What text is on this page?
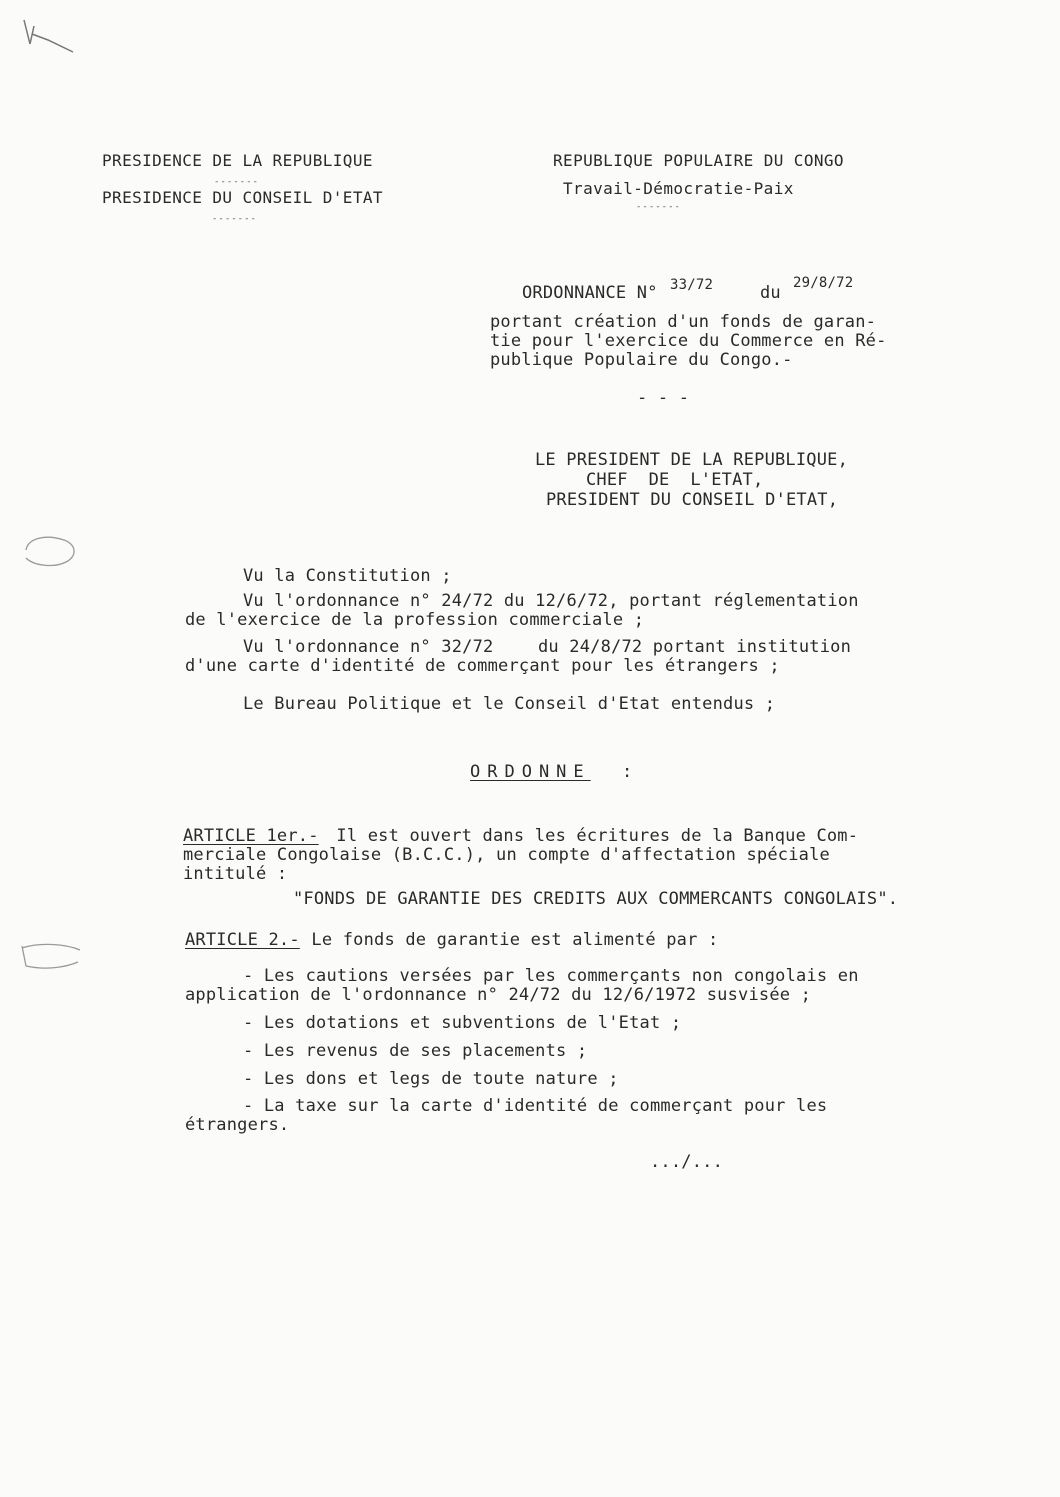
PRESIDENCE DE LA REPUBLIQUE
-------
PRESIDENCE DU CONSEIL D'ETAT
-------
REPUBLIQUE POPULAIRE DU CONGO
Travail-Démocratie-Paix
-------
ORDONNANCE N° 33/72	du 29/8/72
portant création d'un fonds de garan-
tie pour l'exercice du Commerce en Ré-
publique Populaire du Congo.-
- - -
LE PRESIDENT DE LA REPUBLIQUE,
CHEF  DE  L'ETAT,
PRESIDENT DU CONSEIL D'ETAT,
Vu la Constitution ;
Vu l'ordonnance n° 24/72 du 12/6/72, portant réglementation
de l'exercice de la profession commerciale ;
Vu l'ordonnance n° 32/72	du 24/8/72 portant institution
d'une carte d'identité de commerçant pour les étrangers ;
Le Bureau Politique et le Conseil d'Etat entendus ;
ORDONNE :
ARTICLE 1er.- Il est ouvert dans les écritures de la Banque Com-
merciale Congolaise (B.C.C.), un compte d'affectation spéciale
intitulé :
"FONDS DE GARANTIE DES CREDITS AUX COMMERCANTS CONGOLAIS".
ARTICLE 2.- Le fonds de garantie est alimenté par :
- Les cautions versées par les commerçants non congolais en
application de l'ordonnance n° 24/72 du 12/6/1972 susvisée ;
- Les dotations et subventions de l'Etat ;
- Les revenus de ses placements ;
- Les dons et legs de toute nature ;
- La taxe sur la carte d'identité de commerçant pour les
étrangers.
.../...
